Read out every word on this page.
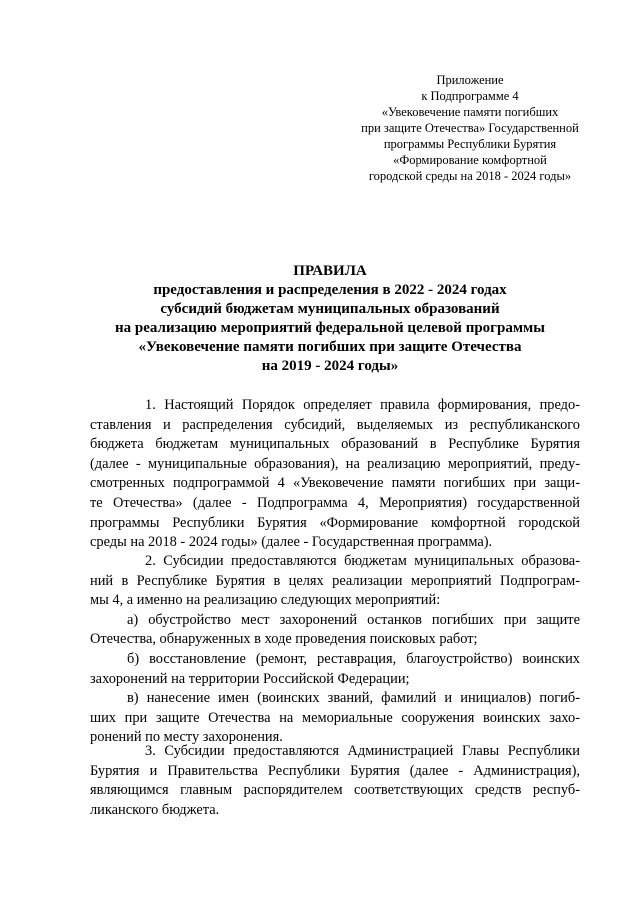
Приложение
к Подпрограмме 4
«Увековечение памяти погибших
при защите Отечества» Государственной
программы Республики Бурятия
«Формирование комфортной
городской среды на 2018 - 2024 годы»
ПРАВИЛА
предоставления и распределения в 2022 - 2024 годах
субсидий бюджетам муниципальных образований
на реализацию мероприятий федеральной целевой программы
«Увековечение памяти погибших при защите Отечества
на 2019 - 2024 годы»
1. Настоящий Порядок определяет правила формирования, предо-
ставления и распределения субсидий, выделяемых из республиканского
бюджета бюджетам муниципальных образований в Республике Бурятия
(далее - муниципальные образования), на реализацию мероприятий, преду-
смотренных подпрограммой 4 «Увековечение памяти погибших при защи-
те Отечества» (далее - Подпрограмма 4, Мероприятия) государственной
программы Республики Бурятия «Формирование комфортной городской
среды на 2018 - 2024 годы» (далее - Государственная программа).
2. Субсидии предоставляются бюджетам муниципальных образова-
ний в Республике Бурятия в целях реализации мероприятий Подпрограм-
мы 4, а именно на реализацию следующих мероприятий:
а) обустройство мест захоронений останков погибших при защите
Отечества, обнаруженных в ходе проведения поисковых работ;
б) восстановление (ремонт, реставрация, благоустройство) воинских
захоронений на территории Российской Федерации;
в) нанесение имен (воинских званий, фамилий и инициалов) погиб-
ших при защите Отечества на мемориальные сооружения воинских захо-
ронений по месту захоронения.
3. Субсидии предоставляются Администрацией Главы Республики
Бурятия и Правительства Республики Бурятия (далее - Администрация),
являющимся главным распорядителем соответствующих средств респуб-
ликанского бюджета.
